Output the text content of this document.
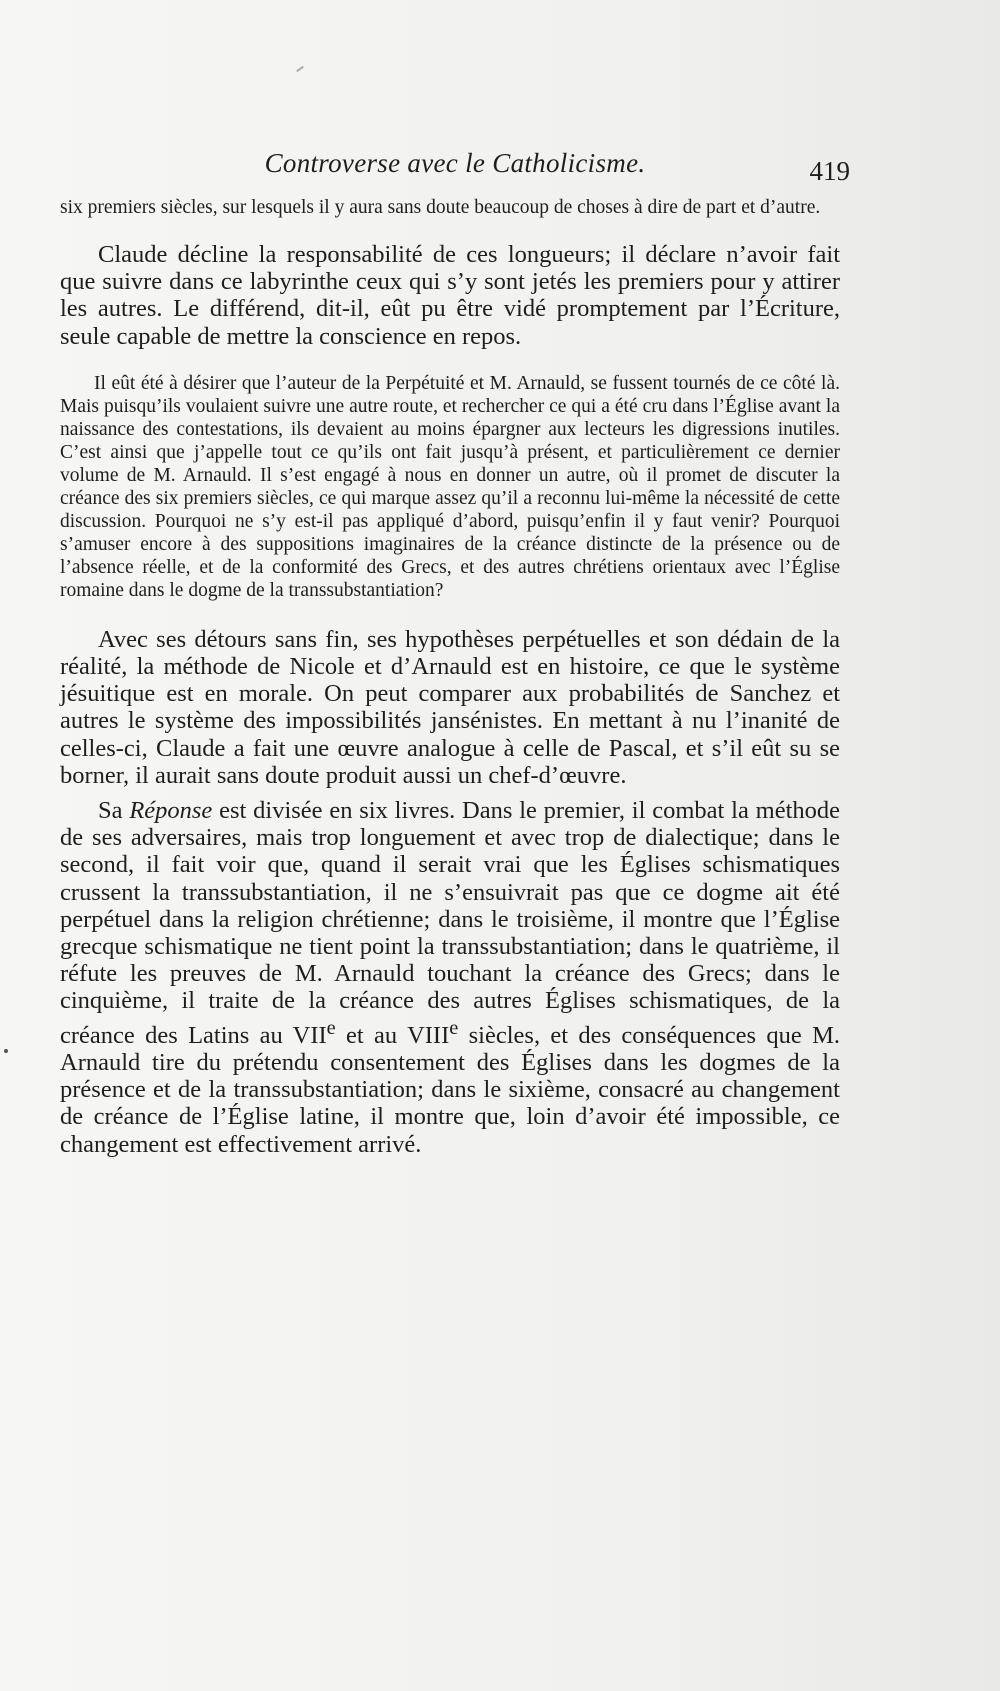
Controverse avec le Catholicisme.	419

six premiers siècles, sur lesquels il y aura sans doute beaucoup de choses à dire de part et d’autre.

Claude décline la responsabilité de ces longueurs; il déclare n’avoir fait que suivre dans ce labyrinthe ceux qui s’y sont jetés les premiers pour y attirer les autres. Le différend, dit-il, eût pu être vidé promptement par l’Écriture, seule capable de mettre la conscience en repos.

Il eût été à désirer que l’auteur de la Perpétuité et M. Arnauld, se fussent tournés de ce côté là. Mais puisqu’ils voulaient suivre une autre route, et rechercher ce qui a été cru dans l’Église avant la naissance des contestations, ils devaient au moins épargner aux lecteurs les digressions inutiles. C’est ainsi que j’appelle tout ce qu’ils ont fait jusqu’à présent, et particulièrement ce dernier volume de M. Arnauld. Il s’est engagé à nous en donner un autre, où il promet de discuter la créance des six premiers siècles, ce qui marque assez qu’il a reconnu lui-même la nécessité de cette discussion. Pourquoi ne s’y est-il pas appliqué d’abord, puisqu’enfin il y faut venir? Pourquoi s’amuser encore à des suppositions imaginaires de la créance distincte de la présence ou de l’absence réelle, et de la conformité des Grecs, et des autres chrétiens orientaux avec l’Église romaine dans le dogme de la transsubstantiation?

Avec ses détours sans fin, ses hypothèses perpétuelles et son dédain de la réalité, la méthode de Nicole et d’Arnauld est en histoire, ce que le système jésuitique est en morale. On peut comparer aux probabilités de Sanchez et autres le système des impossibilités jansénistes. En mettant à nu l’inanité de celles-ci, Claude a fait une œuvre analogue à celle de Pascal, et s’il eût su se borner, il aurait sans doute produit aussi un chef-d’œuvre.

Sa Réponse est divisée en six livres. Dans le premier, il combat la méthode de ses adversaires, mais trop longuement et avec trop de dialectique; dans le second, il fait voir que, quand il serait vrai que les Églises schismatiques crussent la transsubstantiation, il ne s’ensuivrait pas que ce dogme ait été perpétuel dans la religion chrétienne; dans le troisième, il montre que l’Église grecque schismatique ne tient point la transsubstantiation; dans le quatrième, il réfute les preuves de M. Arnauld touchant la créance des Grecs; dans le cinquième, il traite de la créance des autres Églises schismatiques, de la créance des Latins au VIIe et au VIIIe siècles, et des conséquences que M. Arnauld tire du prétendu consentement des Églises dans les dogmes de la présence et de la transsubstantiation; dans le sixième, consacré au changement de créance de l’Église latine, il montre que, loin d’avoir été impossible, ce changement est effectivement arrivé.
